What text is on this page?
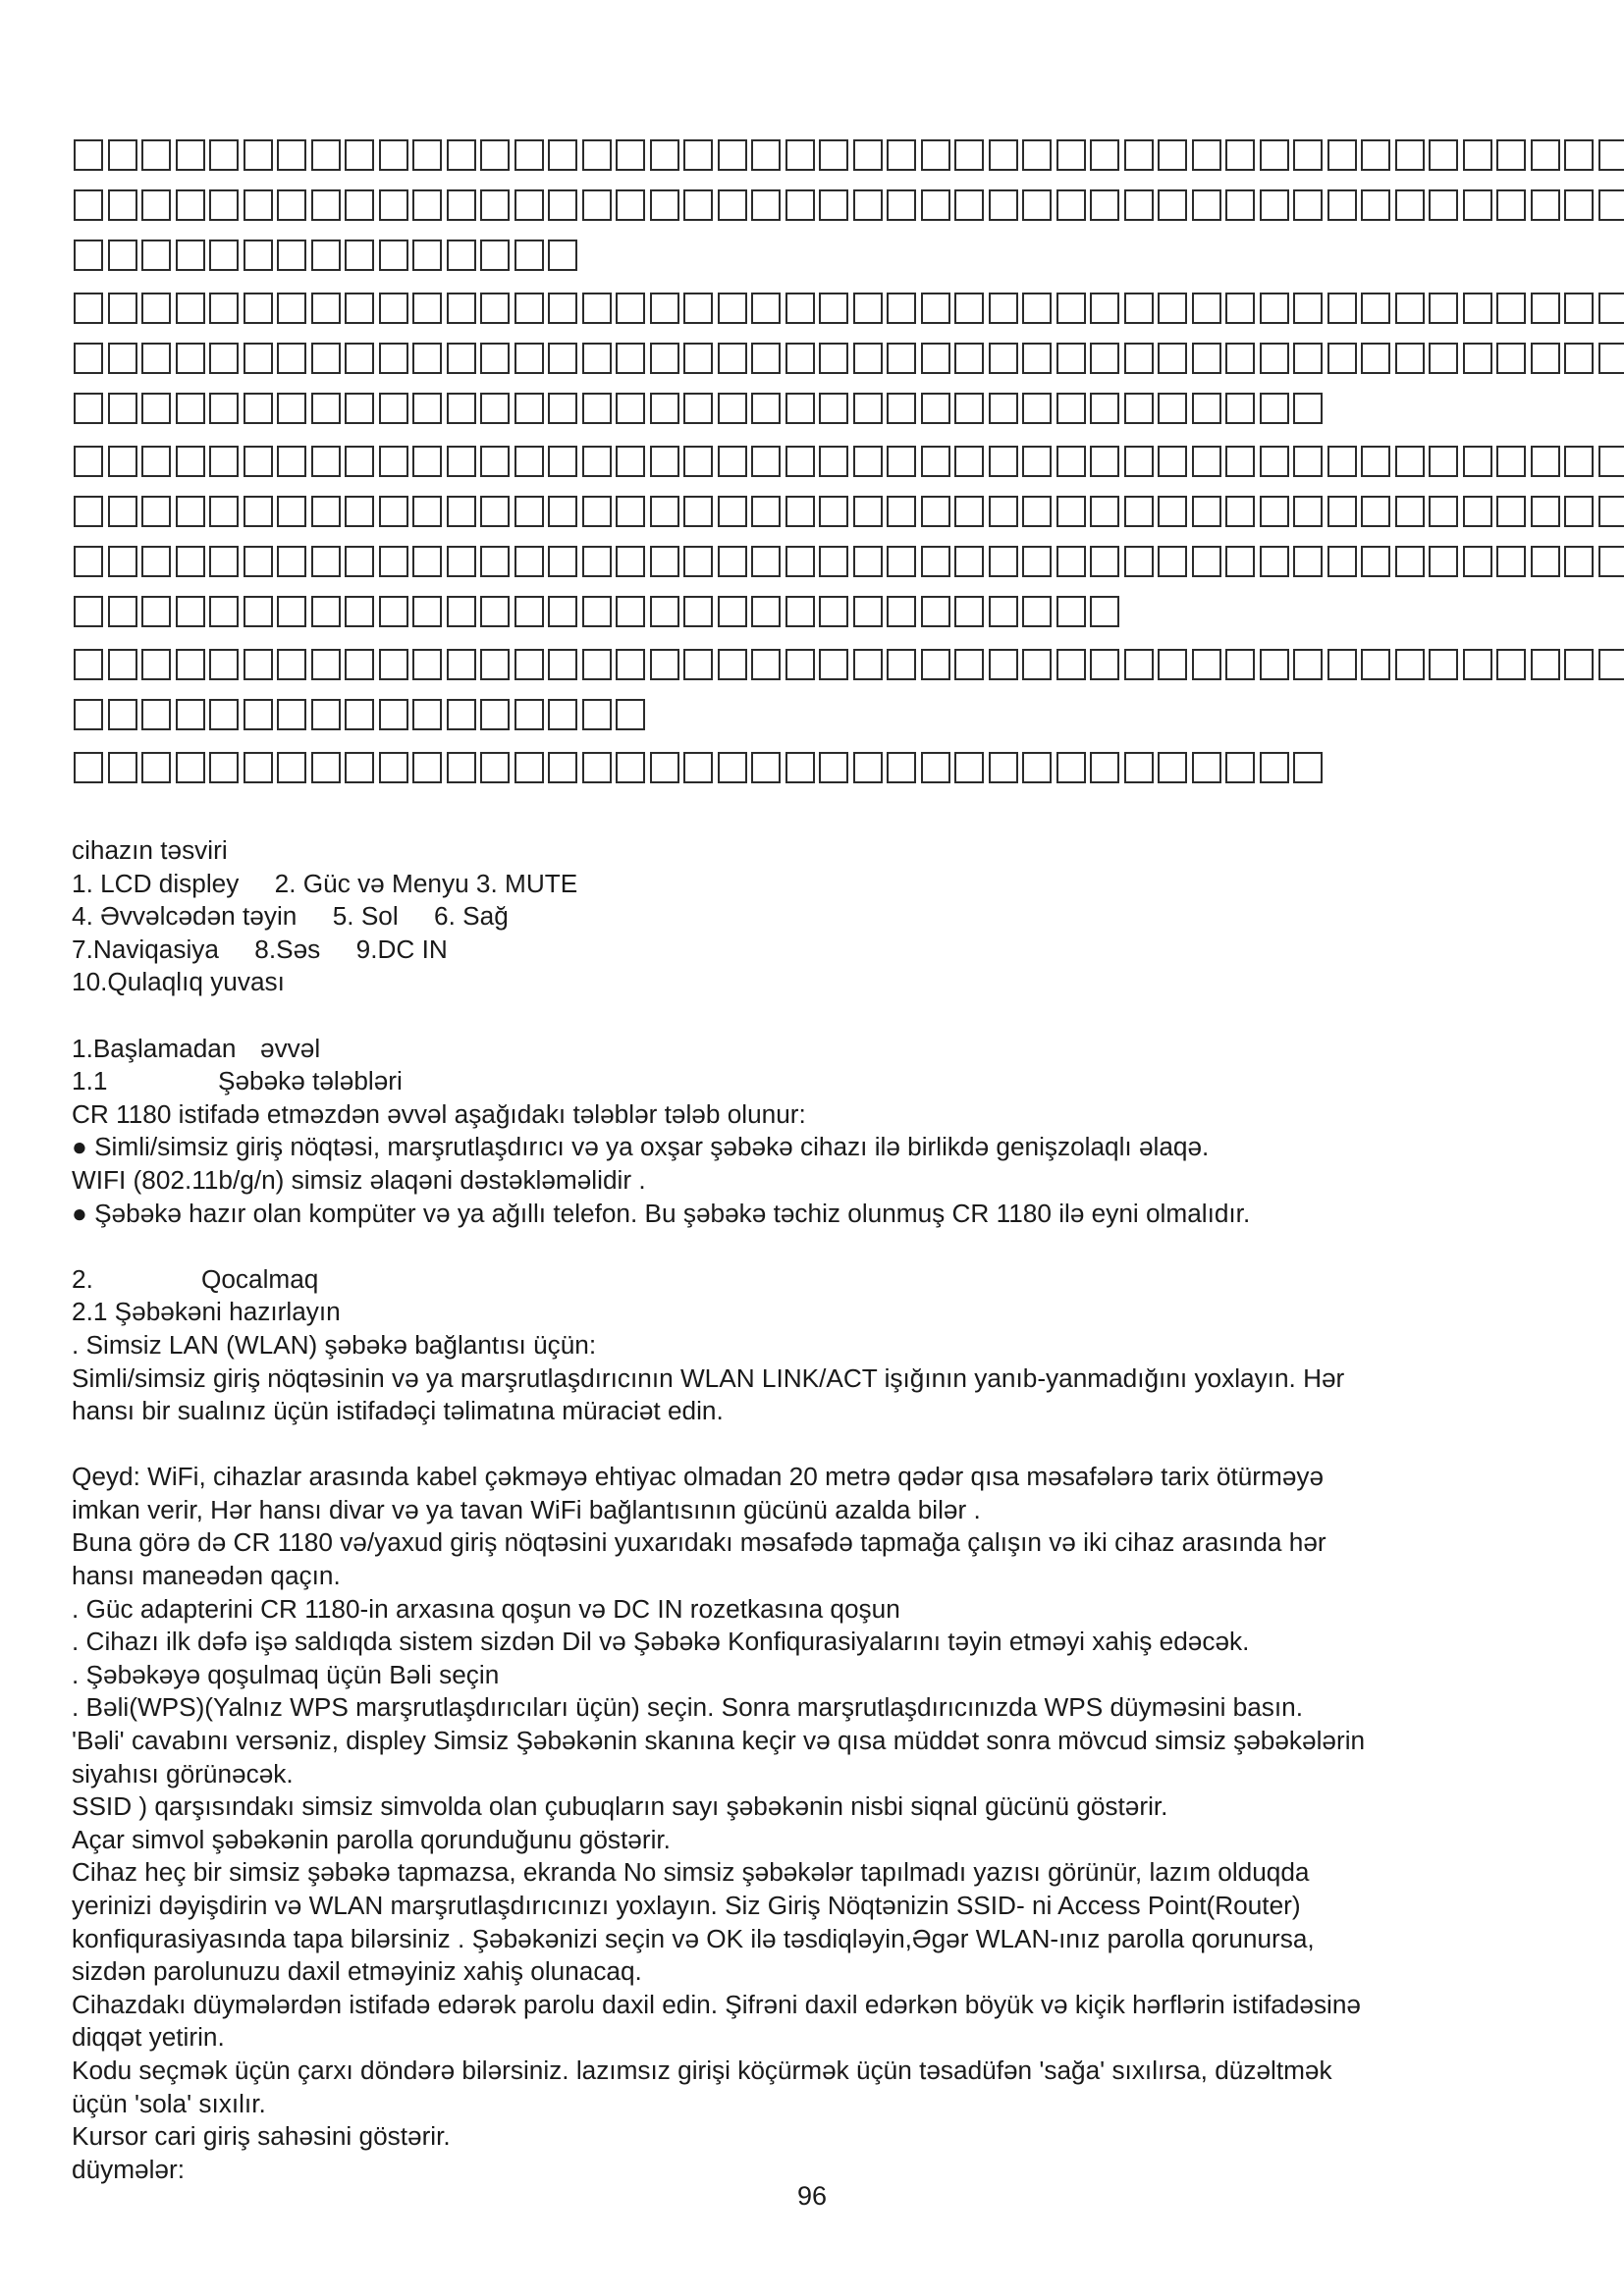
cihazın təsviri
1. LCD displey     2. Güc və Menyu 3. MUTE
4. Əvvəlcədən təyin     5. Sol     6. Sağ
7.Naviqasiya     8.Səs     9.DC IN
10.Qulaqlıq yuvası
1.Başlamadan əvvəl
1.1	Şəbəkə tələbləri
CR 1180 istifadə etməzdən əvvəl aşağıdakı tələblər tələb olunur:
● Simli/simsiz giriş nöqtəsi, marşrutlaşdırıcı və ya oxşar şəbəkə cihazı ilə birlikdə genişzolaqlı əlaqə.
WIFI (802.11b/g/n) simsiz əlaqəni dəstəkləməlidir .
● Şəbəkə hazır olan kompüter və ya ağıllı telefon. Bu şəbəkə təchiz olunmuş CR 1180 ilə eyni olmalıdır.
2.	Qocalmaq
2.1 Şəbəkəni hazırlayın
. Simsiz LAN (WLAN) şəbəkə bağlantısı üçün:
Simli/simsiz giriş nöqtəsinin və ya marşrutlaşdırıcının WLAN LINK/ACT işığının yanıb-yanmadığını yoxlayın. Hər
hansı bir sualınız üçün istifadəçi təlimatına müraciət edin.
Qeyd: WiFi, cihazlar arasında kabel çəkməyə ehtiyac olmadan 20 metrə qədər qısa məsafələrə tarix ötürməyə
imkan verir, Hər hansı divar və ya tavan WiFi bağlantısının gücünü azalda bilər .
Buna görə də CR 1180 və/yaxud giriş nöqtəsini yuxarıdakı məsafədə tapmağa çalışın və iki cihaz arasında hər
hansı maneədən qaçın.
. Güc adapterini CR 1180-in arxasına qoşun və DC IN rozetkasına qoşun
. Cihazı ilk dəfə işə saldıqda sistem sizdən Dil və Şəbəkə Konfiqurasiyalarını təyin etməyi xahiş edəcək.
. Şəbəkəyə qoşulmaq üçün Bəli seçin
. Bəli(WPS)(Yalnız WPS marşrutlaşdırıcıları üçün) seçin. Sonra marşrutlaşdırıcınızda WPS düyməsini basın.
'Bəli' cavabını versəniz, displey Simsiz Şəbəkənin skanına keçir və qısa müddət sonra mövcud simsiz şəbəkələrin
siyahısı görünəcək.
SSID ) qarşısındakı simsiz simvolda olan çubuqların sayı şəbəkənin nisbi siqnal gücünü göstərir.
Açar simvol şəbəkənin parolla qorunduğunu göstərir.
Cihaz heç bir simsiz şəbəkə tapmazsa, ekranda No simsiz şəbəkələr tapılmadı yazısı görünür, lazım olduqda
yerinizi dəyişdirin və WLAN marşrutlaşdırıcınızı yoxlayın. Siz Giriş Nöqtənizin SSID- ni Access Point(Router)
konfiqurasiyasında tapa bilərsiniz . Şəbəkənizi seçin və OK ilə təsdiqləyin,Əgər WLAN-ınız parolla qorunursa,
sizdən parolunuzu daxil etməyiniz xahiş olunacaq.
Cihazdakı düymələrdən istifadə edərək parolu daxil edin. Şifrəni daxil edərkən böyük və kiçik hərflərin istifadəsinə
diqqət yetirin.
Kodu seçmək üçün çarxı döndərə bilərsiniz. lazımsız girişi köçürmək üçün təsadüfən 'sağa' sıxılırsa, düzəltmək
üçün 'sola' sıxılır.
Kursor cari giriş sahəsini göstərir.
düymələr:
96
